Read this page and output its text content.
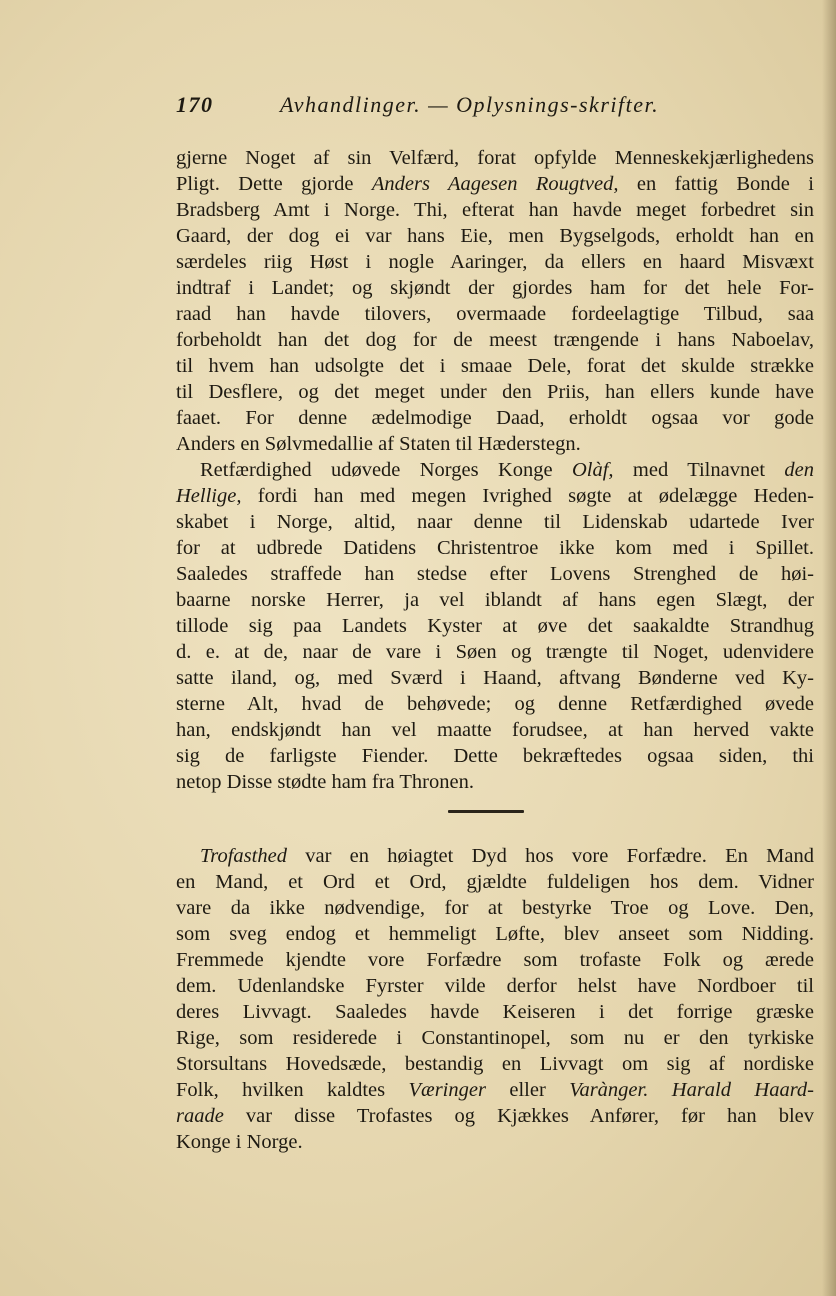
170	Avhandlinger. — Oplysnings-skrifter.
gjerne Noget af sin Velfærd, forat opfylde Menneskekjærlighedens
Pligt. Dette gjorde Anders Aagesen Rougtved, en fattig Bonde i
Bradsberg Amt i Norge. Thi, efterat han havde meget forbedret sin
Gaard, der dog ei var hans Eie, men Bygselgods, erholdt han en
særdeles riig Høst i nogle Aaringer, da ellers en haard Misvæxt
indtraf i Landet; og skjøndt der gjordes ham for det hele For-
raad han havde tilovers, overmaade fordeelagtige Tilbud, saa
forbeholdt han det dog for de meest trængende i hans Naboelav,
til hvem han udsolgte det i smaae Dele, forat det skulde strække
til Desflere, og det meget under den Priis, han ellers kunde have
faaet. For denne ædelmodige Daad, erholdt ogsaa vor gode
Anders en Sølvmedallie af Staten til Hæderstegn.
Retfærdighed udøvede Norges Konge Olàf, med Tilnavnet den
Hellige, fordi han med megen Ivrighed søgte at ødelægge Heden-
skabet i Norge, altid, naar denne til Lidenskab udartede Iver
for at udbrede Datidens Christentroe ikke kom med i Spillet.
Saaledes straffede han stedse efter Lovens Strenghed de høi-
baarne norske Herrer, ja vel iblandt af hans egen Slægt, der
tillode sig paa Landets Kyster at øve det saakaldte Strandhug
d. e. at de, naar de vare i Søen og trængte til Noget, udenvidere
satte iland, og, med Sværd i Haand, aftvang Bønderne ved Ky-
sterne Alt, hvad de behøvede; og denne Retfærdighed øvede
han, endskjøndt han vel maatte forudsee, at han herved vakte
sig de farligste Fiender. Dette bekræftedes ogsaa siden, thi
netop Disse stødte ham fra Thronen.
Trofasthed var en høiagtet Dyd hos vore Forfædre. En Mand
en Mand, et Ord et Ord, gjældte fuldeligen hos dem. Vidner
vare da ikke nødvendige, for at bestyrke Troe og Love. Den,
som sveg endog et hemmeligt Løfte, blev anseet som Nidding.
Fremmede kjendte vore Forfædre som trofaste Folk og ærede
dem. Udenlandske Fyrster vilde derfor helst have Nordboer til
deres Livvagt. Saaledes havde Keiseren i det forrige græske
Rige, som residerede i Constantinopel, som nu er den tyrkiske
Storsultans Hovedsæde, bestandig en Livvagt om sig af nordiske
Folk, hvilken kaldtes Væringer eller Varànger. Harald Haard-
raade var disse Trofastes og Kjækkes Anfører, før han blev
Konge i Norge.
